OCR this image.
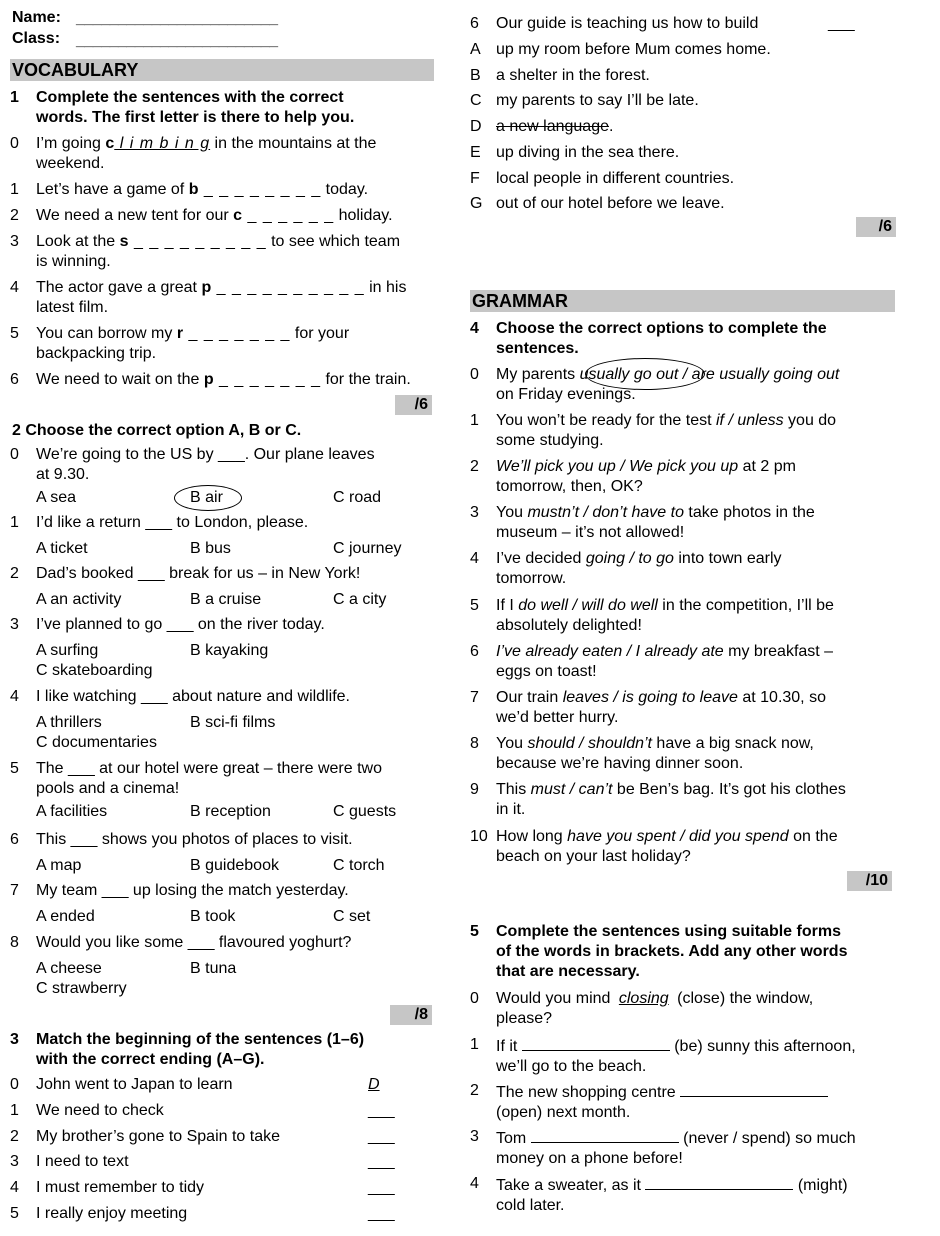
Name: ________________________
Class: ________________________
VOCABULARY
1 Complete the sentences with the correct
words. The first letter is there to help you.
0 I’m going c l i m b i n g in the mountains at the
weekend.
1 Let’s have a game of b _ _ _ _ _ _ _ _ today.
2 We need a new tent for our c _ _ _ _ _ _ holiday.
3 Look at the s _ _ _ _ _ _ _ _ _ to see which team
is winning.
4 The actor gave a great p _ _ _ _ _ _ _ _ _ _ in his
latest film.
5 You can borrow my r _ _ _ _ _ _ _ for your
backpacking trip.
6 We need to wait on the p _ _ _ _ _ _ _ for the train.
/6
2 Choose the correct option A, B or C.
0 We’re going to the US by ___. Our plane leaves
at 9.30.
A sea	B air	C road
1 I’d like a return ___ to London, please.
A ticket	B bus	C journey
2 Dad’s booked ___ break for us – in New York!
A an activity	B a cruise	C a city
3 I’ve planned to go ___ on the river today.
A surfing	B kayaking
C skateboarding
4 I like watching ___ about nature and wildlife.
A thrillers	B sci-fi films
C documentaries
5 The ___ at our hotel were great – there were two
pools and a cinema!
A facilities	B reception	C guests
6 This ___ shows you photos of places to visit.
A map	B guidebook	C torch
7 My team ___ up losing the match yesterday.
A ended	B took	C set
8 Would you like some ___ flavoured yoghurt?
A cheese	B tuna
C strawberry
/8
3 Match the beginning of the sentences (1–6)
with the correct ending (A–G).
0 John went to Japan to learn	D
1 We need to check	___
2 My brother’s gone to Spain to take	___
3 I need to text	___
4 I must remember to tidy	___
5 I really enjoy meeting	___
6 Our guide is teaching us how to build	___
A up my room before Mum comes home.
B a shelter in the forest.
C my parents to say I’ll be late.
D a new language.
E up diving in the sea there.
F local people in different countries.
G out of our hotel before we leave.
/6
GRAMMAR
4 Choose the correct options to complete the
sentences.
0 My parents usually go out / are usually going out
on Friday evenings.
1 You won’t be ready for the test if / unless you do
some studying.
2 We’ll pick you up / We pick you up at 2 pm
tomorrow, then, OK?
3 You mustn’t / don’t have to take photos in the
museum – it’s not allowed!
4 I’ve decided going / to go into town early
tomorrow.
5 If I do well / will do well in the competition, I’ll be
absolutely delighted!
6 I’ve already eaten / I already ate my breakfast –
eggs on toast!
7 Our train leaves / is going to leave at 10.30, so
we’d better hurry.
8 You should / shouldn’t have a big snack now,
because we’re having dinner soon.
9 This must / can’t be Ben’s bag. It’s got his clothes
in it.
10 How long have you spent / did you spend on the
beach on your last holiday?
/10
5 Complete the sentences using suitable forms
of the words in brackets. Add any other words
that are necessary.
0 Would you mind closing (close) the window,
please?
1 If it	(be) sunny this afternoon,
we’ll go to the beach.
2 The new shopping centre
(open) next month.
3 Tom	(never / spend) so much
money on a phone before!
4 Take a sweater, as it	(might)
cold later.
